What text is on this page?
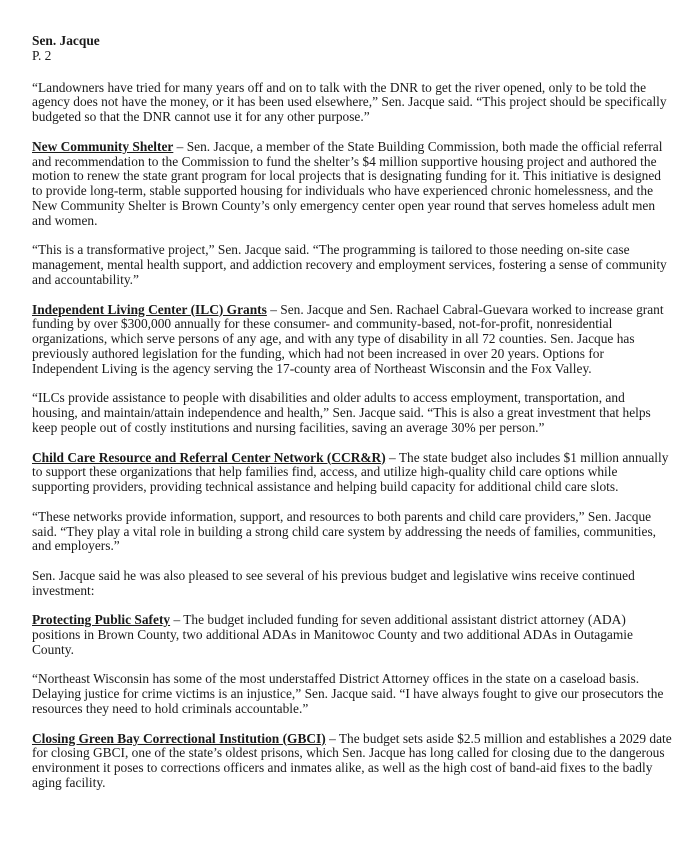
Sen. Jacque

P. 2

“Landowners have tried for many years off and on to talk with the DNR to get the river opened, only to be told the agency does not have the money, or it has been used elsewhere,” Sen. Jacque said. “This project should be specifically budgeted so that the DNR cannot use it for any other purpose.”

New Community Shelter – Sen. Jacque, a member of the State Building Commission, both made the official referral and recommendation to the Commission to fund the shelter’s $4 million supportive housing project and authored the motion to renew the state grant program for local projects that is designating funding for it. This initiative is designed to provide long-term, stable supported housing for individuals who have experienced chronic homelessness, and the New Community Shelter is Brown County’s only emergency center open year round that serves homeless adult men and women.

“This is a transformative project,” Sen. Jacque said. “The programming is tailored to those needing on-site case management, mental health support, and addiction recovery and employment services, fostering a sense of community and accountability.”

Independent Living Center (ILC) Grants – Sen. Jacque and Sen. Rachael Cabral-Guevara worked to increase grant funding by over $300,000 annually for these consumer- and community-based, not-for-profit, nonresidential organizations, which serve persons of any age, and with any type of disability in all 72 counties. Sen. Jacque has previously authored legislation for the funding, which had not been increased in over 20 years. Options for Independent Living is the agency serving the 17-county area of Northeast Wisconsin and the Fox Valley.

“ILCs provide assistance to people with disabilities and older adults to access employment, transportation, and housing, and maintain/attain independence and health,” Sen. Jacque said. “This is also a great investment that helps keep people out of costly institutions and nursing facilities, saving an average 30% per person.”

Child Care Resource and Referral Center Network (CCR&R) – The state budget also includes $1 million annually to support these organizations that help families find, access, and utilize high-quality child care options while supporting providers, providing technical assistance and helping build capacity for additional child care slots.

“These networks provide information, support, and resources to both parents and child care providers,” Sen. Jacque said. “They play a vital role in building a strong child care system by addressing the needs of families, communities, and employers.”

Sen. Jacque said he was also pleased to see several of his previous budget and legislative wins receive continued investment:

Protecting Public Safety – The budget included funding for seven additional assistant district attorney (ADA) positions in Brown County, two additional ADAs in Manitowoc County and two additional ADAs in Outagamie County.

“Northeast Wisconsin has some of the most understaffed District Attorney offices in the state on a caseload basis. Delaying justice for crime victims is an injustice,” Sen. Jacque said. “I have always fought to give our prosecutors the resources they need to hold criminals accountable.”

Closing Green Bay Correctional Institution (GBCI) – The budget sets aside $2.5 million and establishes a 2029 date for closing GBCI, one of the state’s oldest prisons, which Sen. Jacque has long called for closing due to the dangerous environment it poses to corrections officers and inmates alike, as well as the high cost of band-aid fixes to the badly aging facility.
